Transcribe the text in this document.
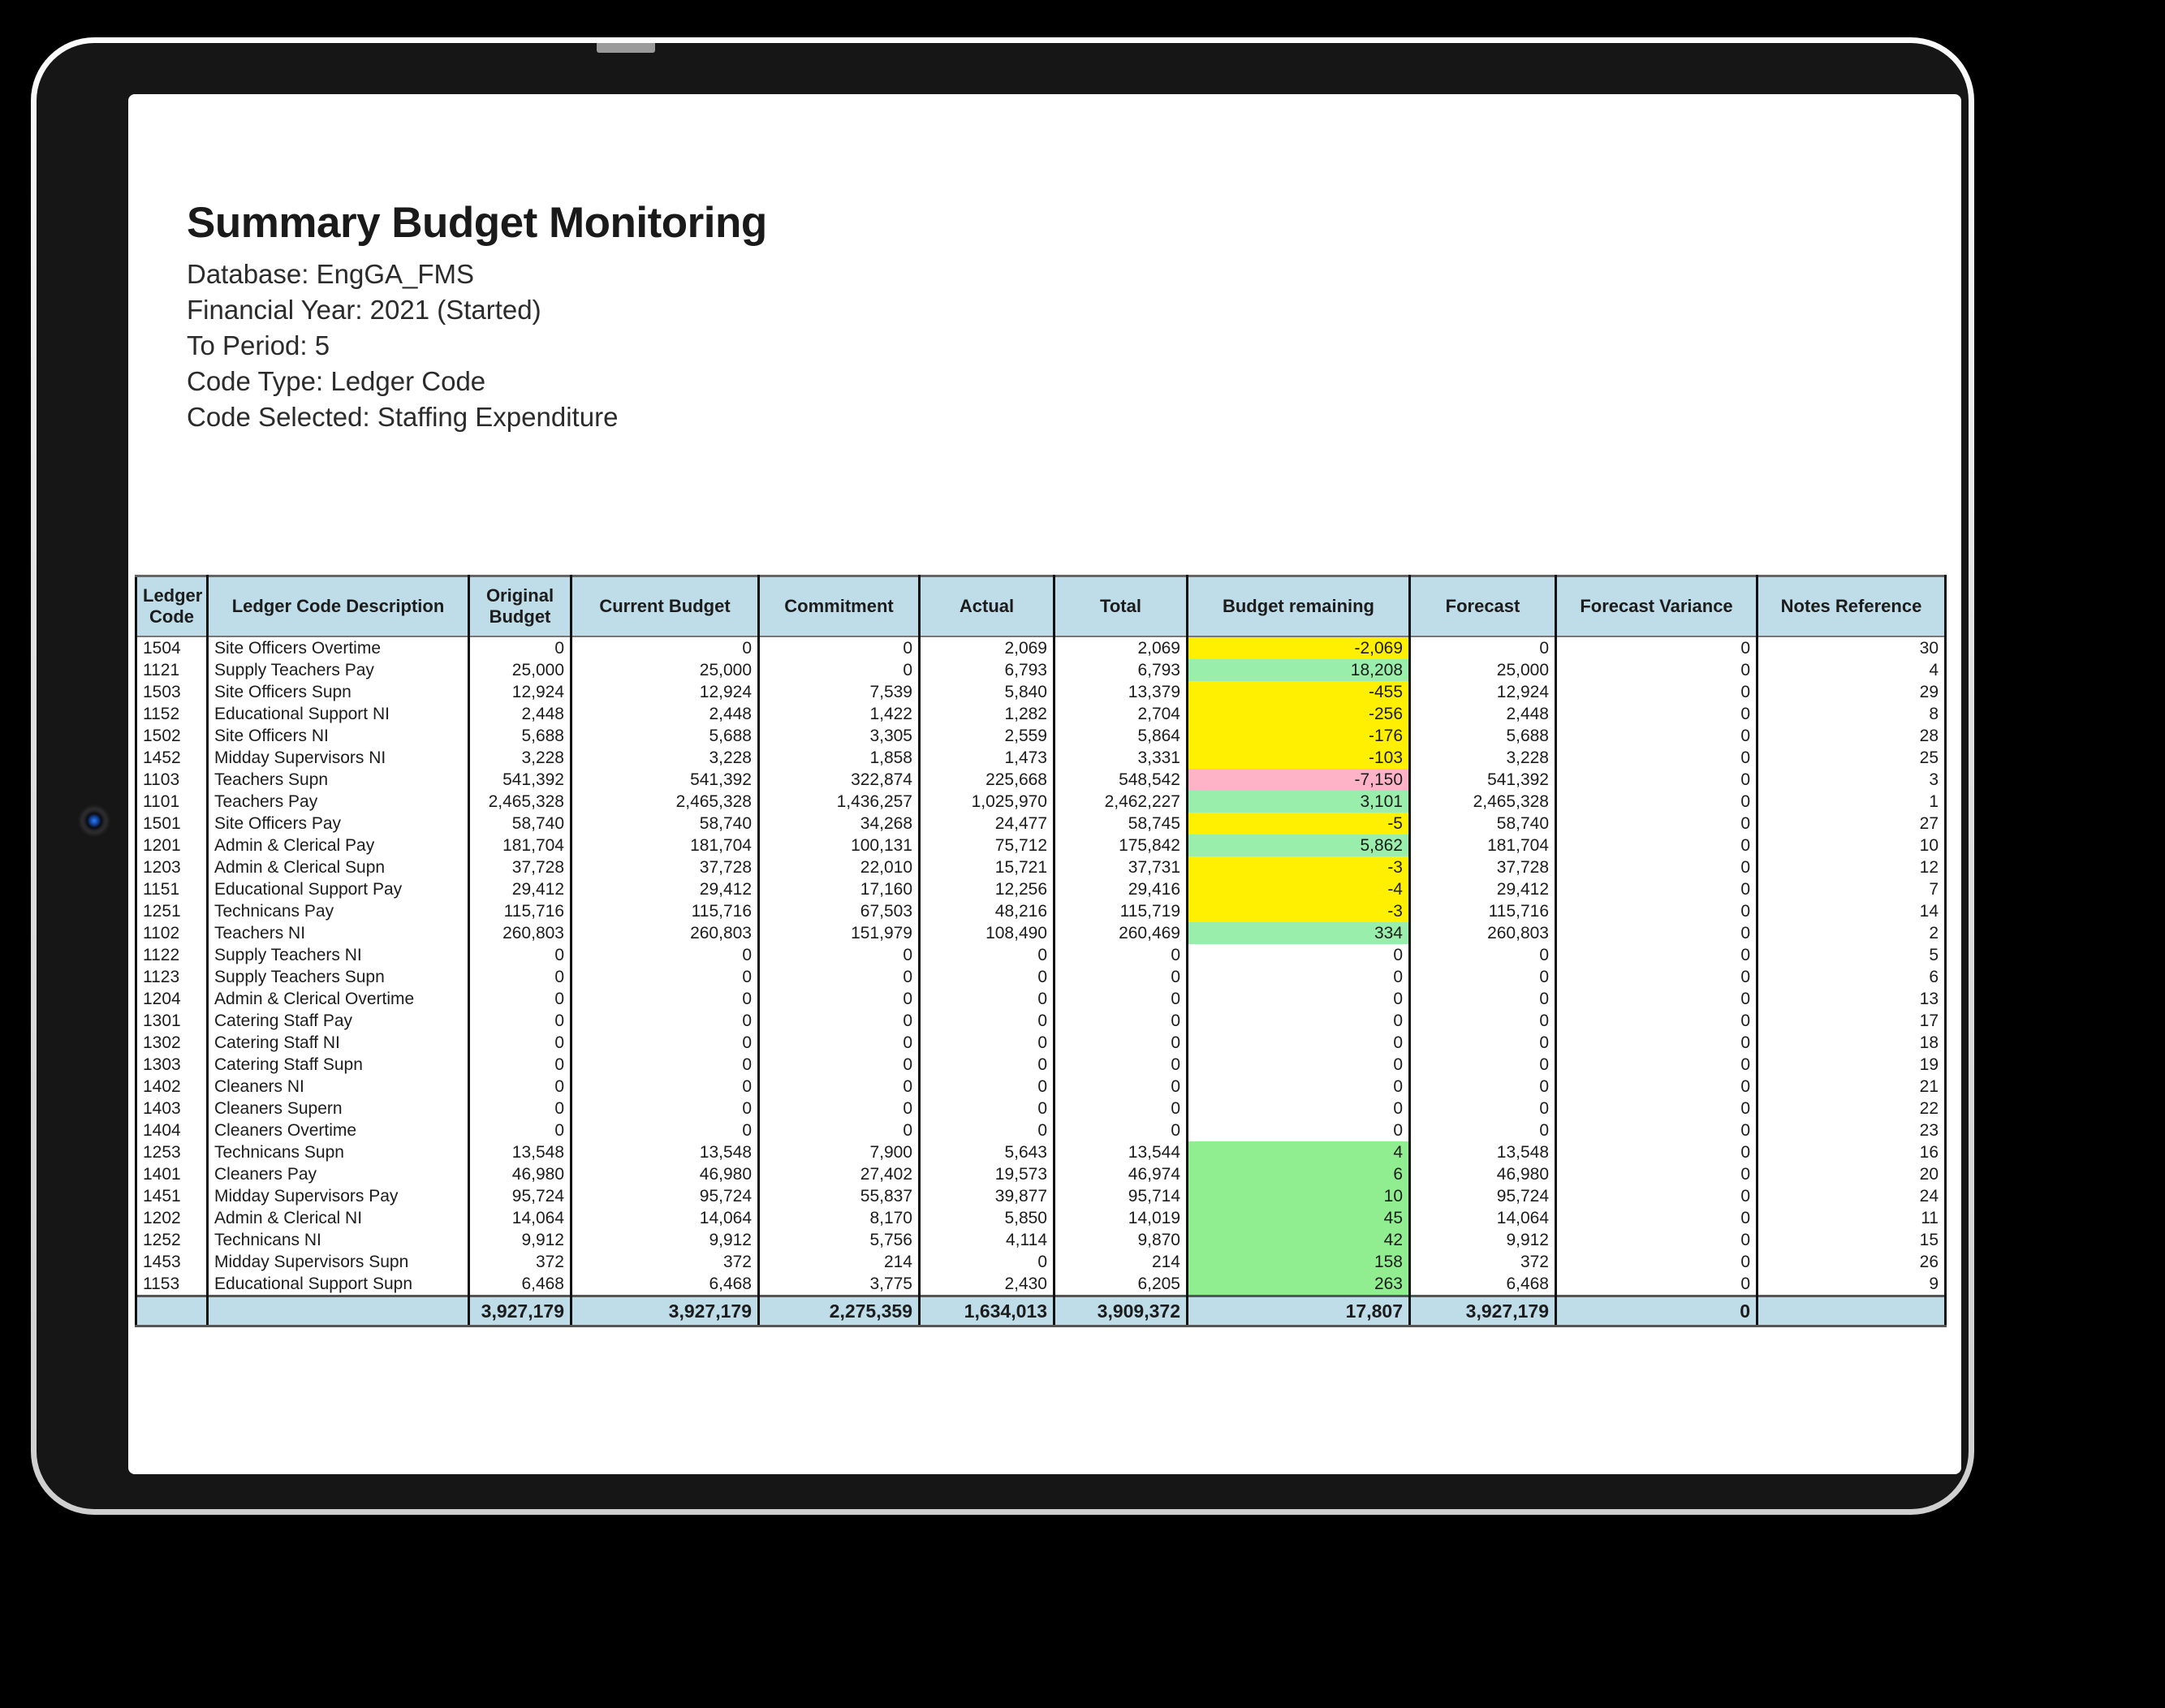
Summary Budget Monitoring
Database: EngGA_FMS
Financial Year: 2021 (Started)
To Period: 5
Code Type: Ledger Code
Code Selected: Staffing Expenditure
Ledger Code	Ledger Code Description	Original Budget	Current Budget	Commitment	Actual	Total	Budget remaining	Forecast	Forecast Variance	Notes Reference
1504	Site Officers Overtime	0	0	0	2,069	2,069	-2,069	0	0	30
1121	Supply Teachers Pay	25,000	25,000	0	6,793	6,793	18,208	25,000	0	4
1503	Site Officers Supn	12,924	12,924	7,539	5,840	13,379	-455	12,924	0	29
1152	Educational Support NI	2,448	2,448	1,422	1,282	2,704	-256	2,448	0	8
1502	Site Officers NI	5,688	5,688	3,305	2,559	5,864	-176	5,688	0	28
1452	Midday Supervisors NI	3,228	3,228	1,858	1,473	3,331	-103	3,228	0	25
1103	Teachers Supn	541,392	541,392	322,874	225,668	548,542	-7,150	541,392	0	3
1101	Teachers Pay	2,465,328	2,465,328	1,436,257	1,025,970	2,462,227	3,101	2,465,328	0	1
1501	Site Officers Pay	58,740	58,740	34,268	24,477	58,745	-5	58,740	0	27
1201	Admin & Clerical Pay	181,704	181,704	100,131	75,712	175,842	5,862	181,704	0	10
1203	Admin & Clerical Supn	37,728	37,728	22,010	15,721	37,731	-3	37,728	0	12
1151	Educational Support Pay	29,412	29,412	17,160	12,256	29,416	-4	29,412	0	7
1251	Technicans Pay	115,716	115,716	67,503	48,216	115,719	-3	115,716	0	14
1102	Teachers NI	260,803	260,803	151,979	108,490	260,469	334	260,803	0	2
1122	Supply Teachers NI	0	0	0	0	0	0	0	0	5
1123	Supply Teachers Supn	0	0	0	0	0	0	0	0	6
1204	Admin & Clerical Overtime	0	0	0	0	0	0	0	0	13
1301	Catering Staff Pay	0	0	0	0	0	0	0	0	17
1302	Catering Staff NI	0	0	0	0	0	0	0	0	18
1303	Catering Staff Supn	0	0	0	0	0	0	0	0	19
1402	Cleaners NI	0	0	0	0	0	0	0	0	21
1403	Cleaners Supern	0	0	0	0	0	0	0	0	22
1404	Cleaners Overtime	0	0	0	0	0	0	0	0	23
1253	Technicans Supn	13,548	13,548	7,900	5,643	13,544	4	13,548	0	16
1401	Cleaners Pay	46,980	46,980	27,402	19,573	46,974	6	46,980	0	20
1451	Midday Supervisors Pay	95,724	95,724	55,837	39,877	95,714	10	95,724	0	24
1202	Admin & Clerical NI	14,064	14,064	8,170	5,850	14,019	45	14,064	0	11
1252	Technicans NI	9,912	9,912	5,756	4,114	9,870	42	9,912	0	15
1453	Midday Supervisors Supn	372	372	214	0	214	158	372	0	26
1153	Educational Support Supn	6,468	6,468	3,775	2,430	6,205	263	6,468	0	9
		3,927,179	3,927,179	2,275,359	1,634,013	3,909,372	17,807	3,927,179	0	
